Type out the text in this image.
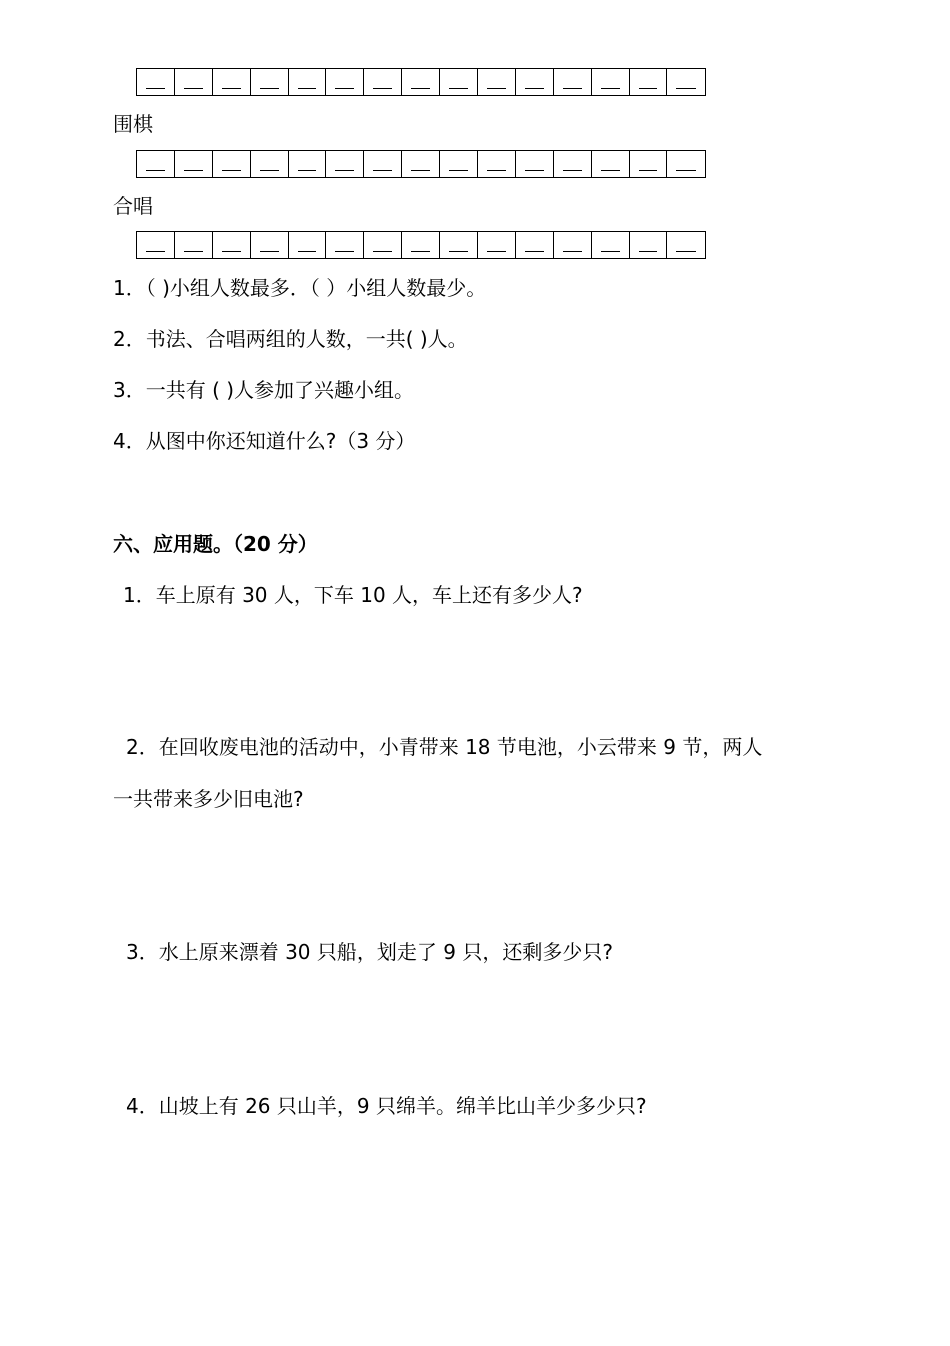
围棋
合唱
1．（ )小组人数最多．（ ）小组人数最少。
2．书法、合唱两组的人数，一共( )人。
3．一共有 ( )人参加了兴趣小组。
4．从图中你还知道什么?（3 分）
六、应用题。（20 分）
1．车上原有 30 人，下车 10 人，车上还有多少人?
2．在回收废电池的活动中，小青带来 18 节电池，小云带来 9 节，两人
一共带来多少旧电池?
3．水上原来漂着 30 只船，划走了 9 只，还剩多少只?
4．山坡上有 26 只山羊，9 只绵羊。绵羊比山羊少多少只?
